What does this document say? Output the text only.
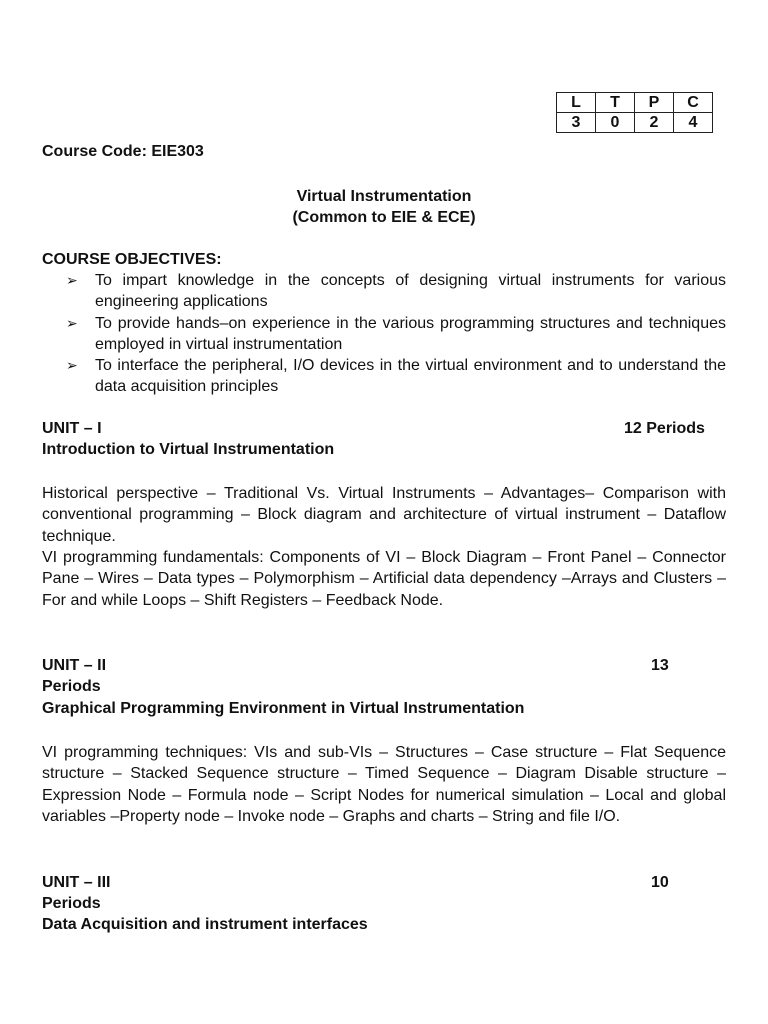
L	T	P	C
3	0	2	4
Course Code: EIE303
Virtual Instrumentation
(Common to EIE & ECE)
COURSE OBJECTIVES:
➢ To impart knowledge in the concepts of designing virtual instruments for various engineering applications
➢ To provide hands–on experience in the various programming structures and techniques employed in virtual instrumentation
➢ To interface the peripheral, I/O devices in the virtual environment and to understand the data acquisition principles
UNIT – I	12 Periods
Introduction to Virtual Instrumentation
Historical perspective – Traditional Vs. Virtual Instruments – Advantages– Comparison with conventional programming – Block diagram and architecture of virtual instrument – Dataflow technique.
VI programming fundamentals: Components of VI – Block Diagram – Front Panel – Connector Pane – Wires – Data types – Polymorphism – Artificial data dependency –Arrays and Clusters – For and while Loops – Shift Registers – Feedback Node.
UNIT – II	13
Periods
Graphical Programming Environment in Virtual Instrumentation
VI programming techniques: VIs and sub-VIs – Structures – Case structure – Flat Sequence structure – Stacked Sequence structure – Timed Sequence – Diagram Disable structure – Expression Node – Formula node – Script Nodes for numerical simulation – Local and global variables –Property node – Invoke node – Graphs and charts – String and file I/O.
UNIT – III	10
Periods
Data Acquisition and instrument interfaces
